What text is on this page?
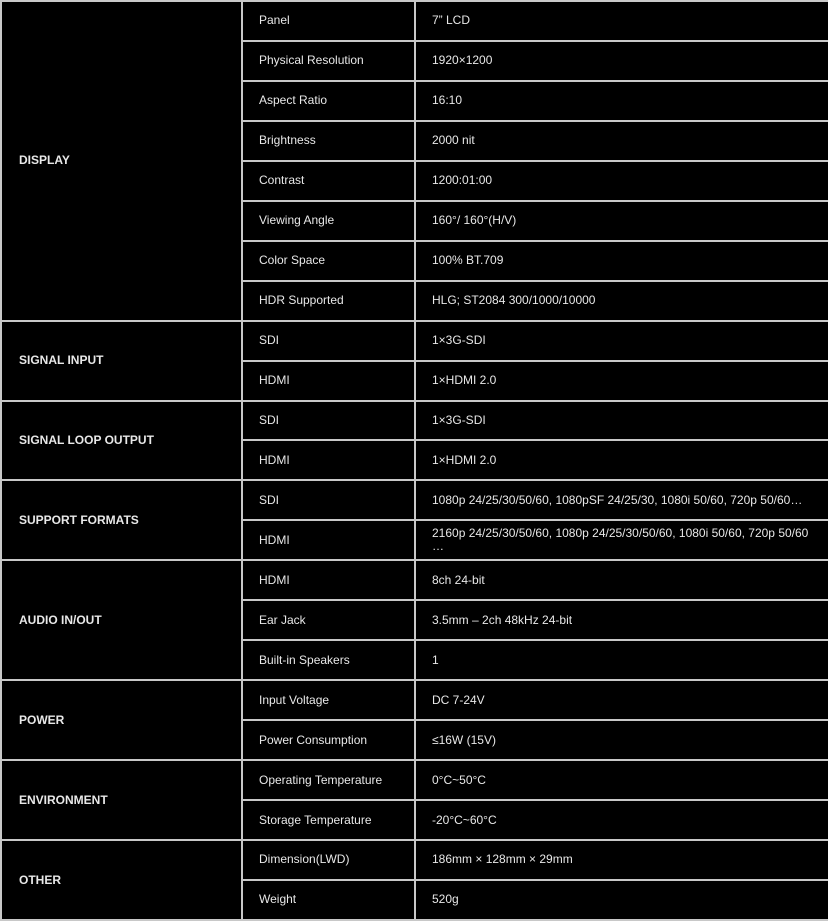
DISPLAY	Panel	7” LCD
	Physical Resolution	1920×1200
	Aspect Ratio	16:10
	Brightness	2000 nit
	Contrast	1200:01:00
	Viewing Angle	160°/ 160°(H/V)
	Color Space	100% BT.709
	HDR Supported	HLG; ST2084 300/1000/10000
SIGNAL INPUT	SDI	1×3G-SDI
	HDMI	1×HDMI 2.0
SIGNAL LOOP OUTPUT	SDI	1×3G-SDI
	HDMI	1×HDMI 2.0
SUPPORT FORMATS	SDI	1080p 24/25/30/50/60, 1080pSF 24/25/30, 1080i 50/60, 720p 50/60…
	HDMI	2160p 24/25/30/50/60, 1080p 24/25/30/50/60, 1080i 50/60, 720p 50/60 …
AUDIO IN/OUT	HDMI	8ch 24-bit
	Ear Jack	3.5mm – 2ch 48kHz 24-bit
	Built-in Speakers	1
POWER	Input Voltage	DC 7-24V
	Power Consumption	≤16W (15V)
ENVIRONMENT	Operating Temperature	0°C~50°C
	Storage Temperature	-20°C~60°C
OTHER	Dimension(LWD)	186mm × 128mm × 29mm
	Weight	520g
